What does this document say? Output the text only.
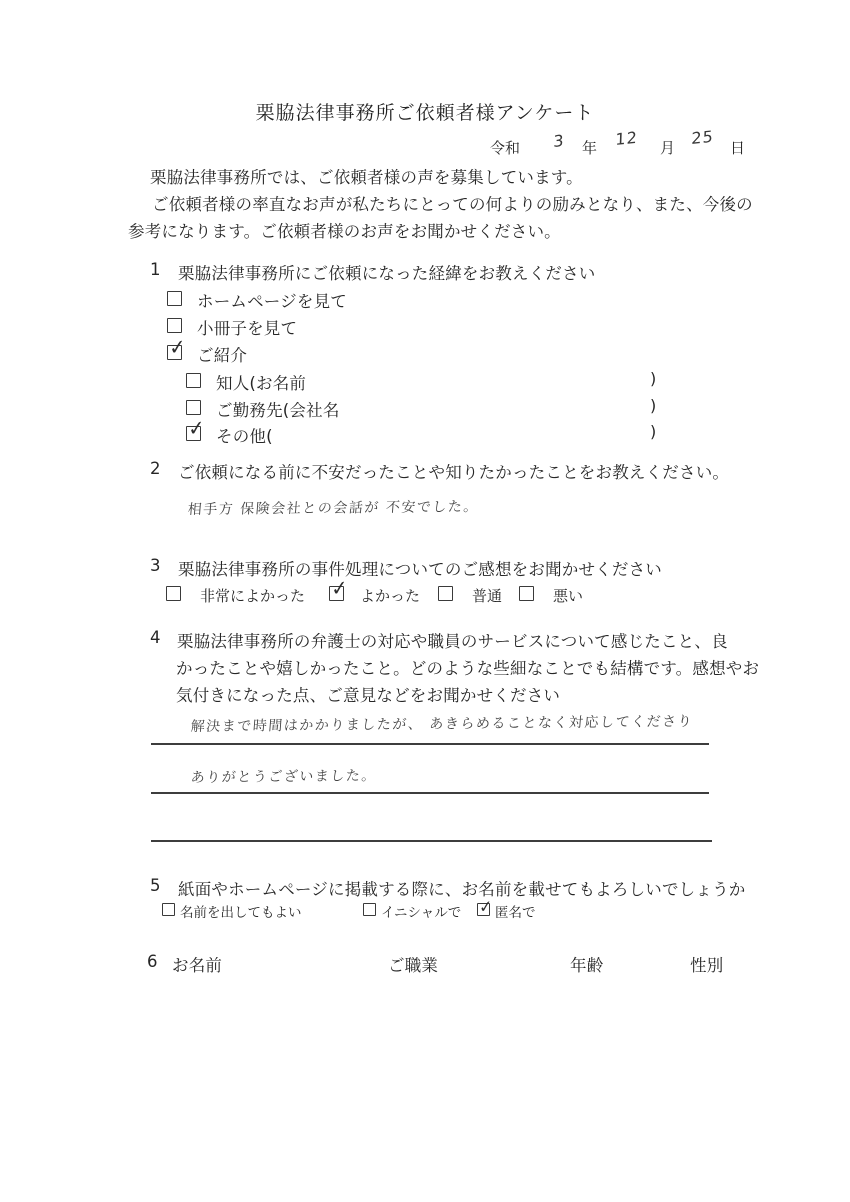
栗脇法律事務所ご依頼者様アンケート
令和 3 年 12 月 25 日
栗脇法律事務所では、ご依頼者様の声を募集しています。
ご依頼者様の率直なお声が私たちにとっての何よりの励みとなり、また、今後の
参考になります。ご依頼者様のお声をお聞かせください。
1 栗脇法律事務所にご依頼になった経緯をお教えください
ホームページを見て
小冊子を見て
✓ ご紹介
知人(お名前	)
ご勤務先(会社名	)
✓ その他(	)
2 ご依頼になる前に不安だったことや知りたかったことをお教えください。
相手方 保険会社との会話が 不安でした。
3 栗脇法律事務所の事件処理についてのご感想をお聞かせください
非常によかった ✓ よかった	普通	悪い
4 栗脇法律事務所の弁護士の対応や職員のサービスについて感じたこと、良
かったことや嬉しかったこと。どのような些細なことでも結構です。感想やお
気付きになった点、ご意見などをお聞かせください
解決まで時間はかかりましたが、 あきらめることなく対応してくださり
ありがとうございました。
5 紙面やホームページに掲載する際に、お名前を載せてもよろしいでしょうか
名前を出してもよい	イニシャルで ✓ 匿名で
6 お名前	ご職業	年齢	性別
